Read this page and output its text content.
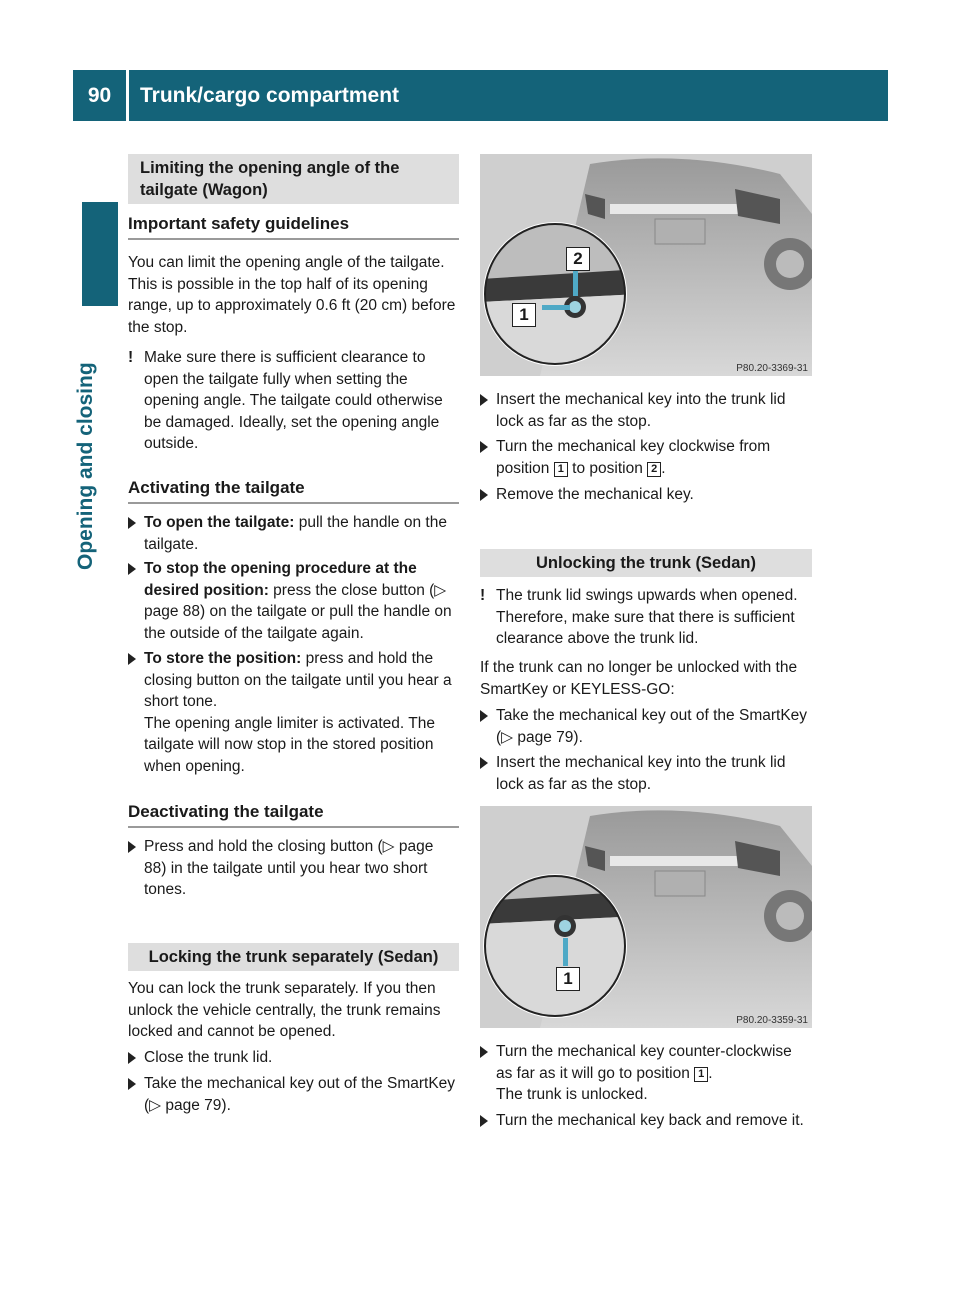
90	Trunk/cargo compartment
Opening and closing
Limiting the opening angle of the tailgate (Wagon)
Important safety guidelines
You can limit the opening angle of the tailgate. This is possible in the top half of its opening range, up to approximately 0.6 ft (20 cm) before the stop.
! Make sure there is sufficient clearance to open the tailgate fully when setting the opening angle. The tailgate could otherwise be damaged. Ideally, set the opening angle outside.
Activating the tailgate
To open the tailgate: pull the handle on the tailgate.
To stop the opening procedure at the desired position: press the close button (▷ page 88) on the tailgate or pull the handle on the outside of the tailgate again.
To store the position: press and hold the closing button on the tailgate until you hear a short tone.
The opening angle limiter is activated. The tailgate will now stop in the stored position when opening.
Deactivating the tailgate
Press and hold the closing button (▷ page 88) in the tailgate until you hear two short tones.
Locking the trunk separately (Sedan)
You can lock the trunk separately. If you then unlock the vehicle centrally, the trunk remains locked and cannot be opened.
Close the trunk lid.
Take the mechanical key out of the SmartKey (▷ page 79).
2
1
P80.20-3369-31
Insert the mechanical key into the trunk lid lock as far as the stop.
Turn the mechanical key clockwise from position 1 to position 2 .
Remove the mechanical key.
Unlocking the trunk (Sedan)
! The trunk lid swings upwards when opened. Therefore, make sure that there is sufficient clearance above the trunk lid.
If the trunk can no longer be unlocked with the SmartKey or KEYLESS-GO:
Take the mechanical key out of the SmartKey (▷ page 79).
Insert the mechanical key into the trunk lid lock as far as the stop.
1
P80.20-3359-31
Turn the mechanical key counter-clockwise as far as it will go to position 1 .
The trunk is unlocked.
Turn the mechanical key back and remove it.
